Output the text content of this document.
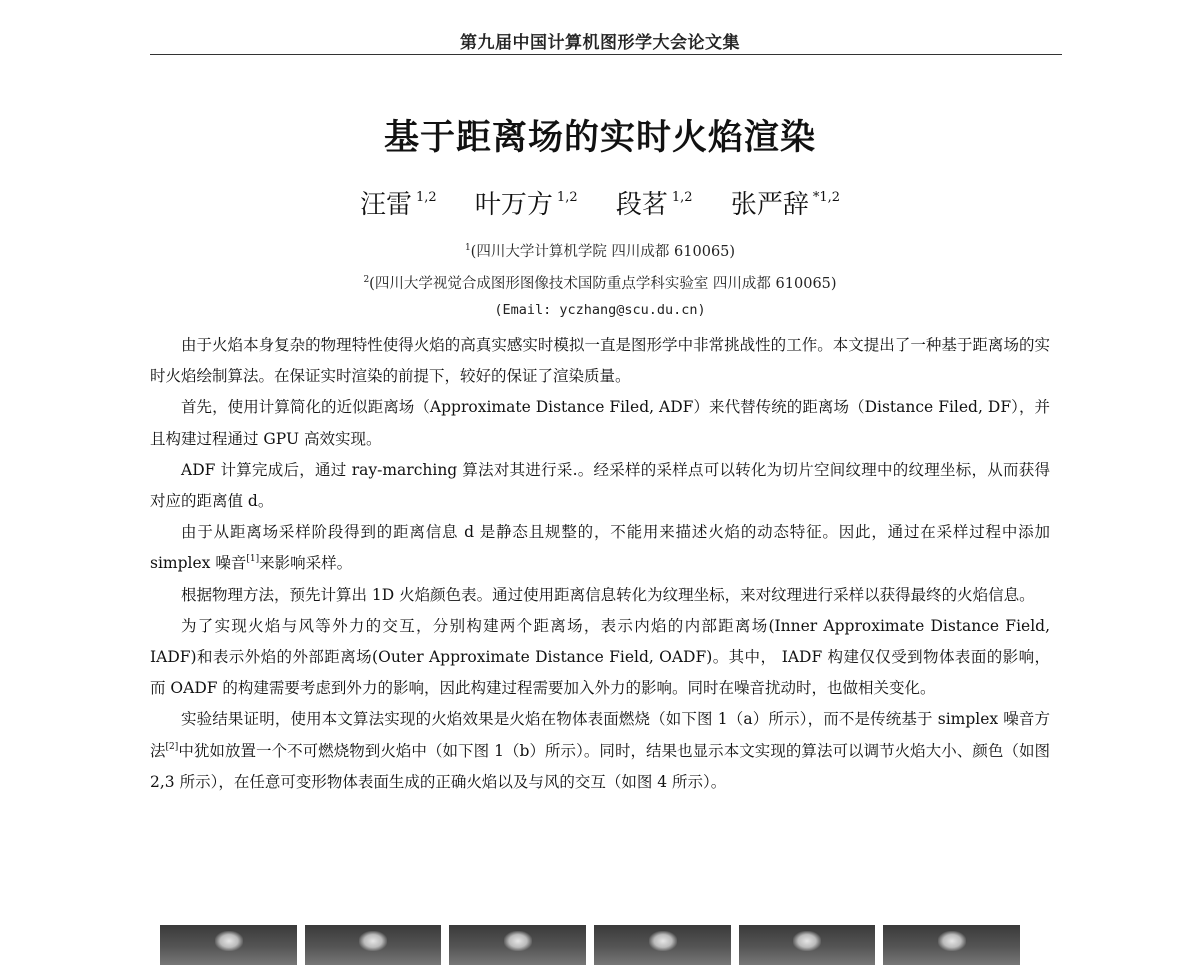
第九届中国计算机图形学大会论文集
基于距离场的实时火焰渲染
汪雷 $^{1,2}$ 叶万方 $^{1,2}$ 段茗 $^{1,2}$ 张严辞 $^{*1,2}$
$^1$(四川大学计算机学院 四川成都 610065)
$^2$(四川大学视觉合成图形图像技术国防重点学科实验室 四川成都 610065)
(Email: yczhang@scu.du.cn)

由于火焰本身复杂的物理特性使得火焰的高真实感实时模拟一直是图形学中非常挑战性的工作。本文提出了一种基于距离场的实时火焰绘制算法。在保证实时渲染的前提下，较好的保证了渲染质量。

首先，使用计算简化的近似距离场（Approximate Distance Filed, ADF）来代替传统的距离场（Distance Filed, DF），并且构建过程通过 GPU 高效实现。

ADF 计算完成后，通过 ray-marching 算法对其进行采.。经采样的采样点可以转化为切片空间纹理中的纹理坐标，从而获得对应的距离值 d。

由于从距离场采样阶段得到的距离信息 d 是静态且规整的，不能用来描述火焰的动态特征。因此，通过在采样过程中添加 simplex 噪音[1]来影响采样。

根据物理方法，预先计算出 1D 火焰颜色表。通过使用距离信息转化为纹理坐标，来对纹理进行采样以获得最终的火焰信息。

为了实现火焰与风等外力的交互，分别构建两个距离场，表示内焰的内部距离场(Inner Approximate Distance Field, IADF)和表示外焰的外部距离场(Outer Approximate Distance Field, OADF)。其中， IADF 构建仅仅受到物体表面的影响，而 OADF 的构建需要考虑到外力的影响，因此构建过程需要加入外力的影响。同时在噪音扰动时，也做相关变化。

实验结果证明，使用本文算法实现的火焰效果是火焰在物体表面燃烧（如下图 1（a）所示），而不是传统基于 simplex 噪音方法[2]中犹如放置一个不可燃烧物到火焰中（如下图 1（b）所示）。同时，结果也显示本文实现的算法可以调节火焰大小、颜色（如图 2,3 所示），在任意可变形物体表面生成的正确火焰以及与风的交互（如图 4 所示）。
